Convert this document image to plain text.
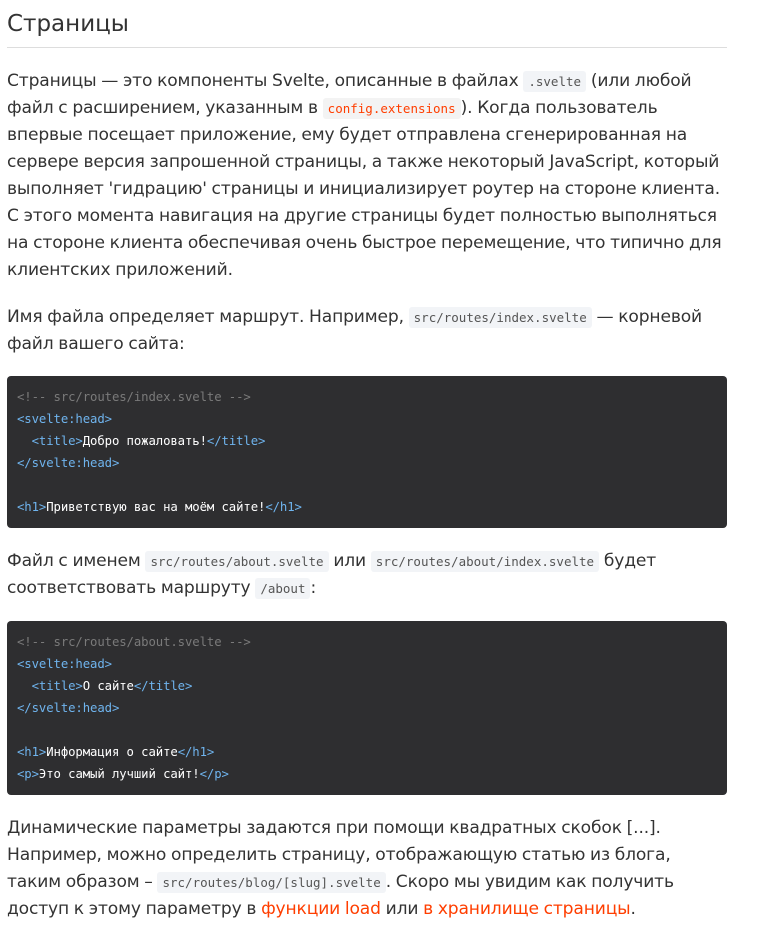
Страницы

Страницы — это компоненты Svelte, описанные в файлах .svelte (или любой файл с расширением, указанным в config.extensions ). Когда пользователь впервые посещает приложение, ему будет отправлена сгенерированная на сервере версия запрошенной страницы, а также некоторый JavaScript, который выполняет 'гидрацию' страницы и инициализирует роутер на стороне клиента. С этого момента навигация на другие страницы будет полностью выполняться на стороне клиента обеспечивая очень быстрое перемещение, что типично для клиентских приложений.

Имя файла определяет маршрут. Например, src/routes/index.svelte — корневой файл вашего сайта:

<!-- src/routes/index.svelte -->
<svelte:head>
<title>Добро пожаловать!</title>
</svelte:head>
<h1>Приветствую вас на моём сайте!</h1>

Файл с именем src/routes/about.svelte или src/routes/about/index.svelte будет соответствовать маршруту /about :

<!-- src/routes/about.svelte -->
<svelte:head>
<title>О сайте</title>
</svelte:head>
<h1>Информация о сайте</h1>
<p>Это самый лучший сайт!</p>

Динамические параметры задаются при помощи квадратных скобок [...]. Например, можно определить страницу, отображающую статью из блога, таким образом – src/routes/blog/[slug].svelte . Скоро мы увидим как получить доступ к этому параметру в функции load или в хранилище страницы.
